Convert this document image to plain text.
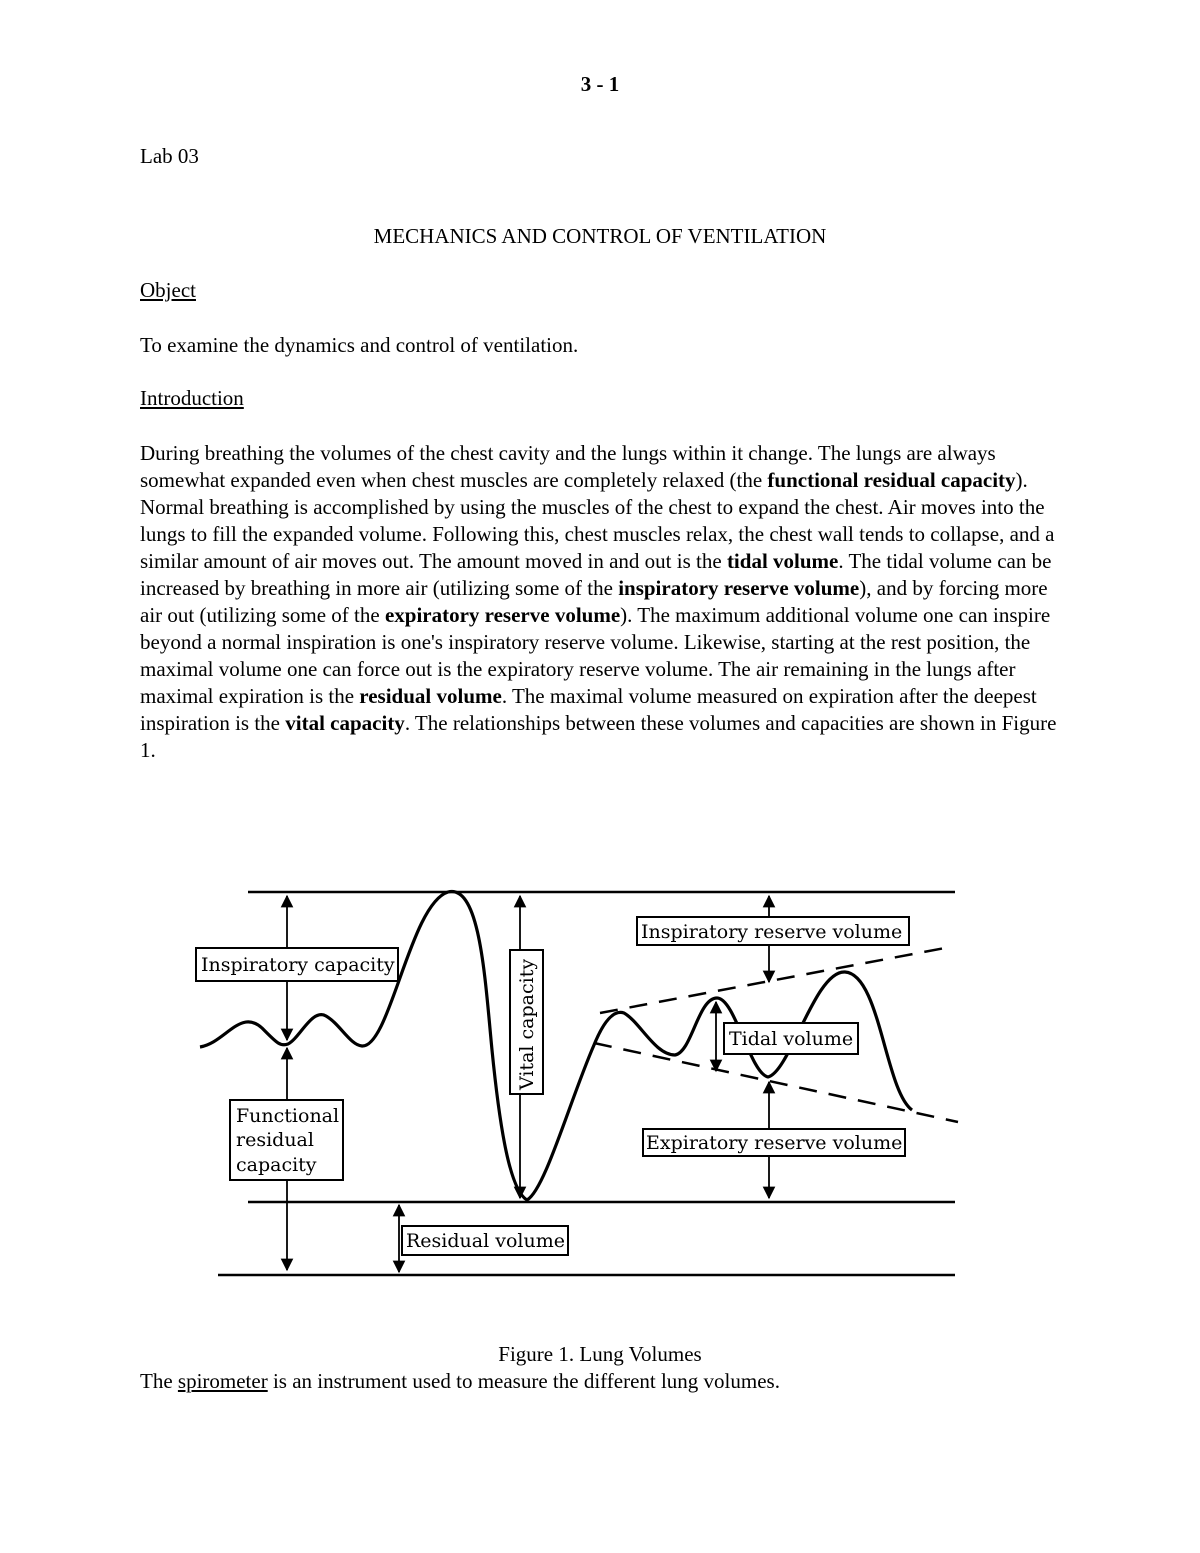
3 - 1
Lab 03
MECHANICS AND CONTROL OF VENTILATION
Object
To examine the dynamics and control of ventilation.
Introduction
During breathing the volumes of the chest cavity and the lungs within it change. The lungs are always somewhat expanded even when chest muscles are completely relaxed (the functional residual capacity). Normal breathing is accomplished by using the muscles of the chest to expand the chest. Air moves into the lungs to fill the expanded volume. Following this, chest muscles relax, the chest wall tends to collapse, and a similar amount of air moves out. The amount moved in and out is the tidal volume. The tidal volume can be increased by breathing in more air (utilizing some of the inspiratory reserve volume), and by forcing more air out (utilizing some of the expiratory reserve volume). The maximum additional volume one can inspire beyond a normal inspiration is one's inspiratory reserve volume. Likewise, starting at the rest position, the maximal volume one can force out is the expiratory reserve volume. The air remaining in the lungs after maximal expiration is the residual volume. The maximal volume measured on expiration after the deepest inspiration is the vital capacity. The relationships between these volumes and capacities are shown in Figure 1.
Inspiratory capacity	Vital capacity
Inspiratory reserve volume
Tidal volume
Functional
residual
capacity
Expiratory reserve volume
Residual volume
Figure 1. Lung Volumes
The spirometer is an instrument used to measure the different lung volumes.
